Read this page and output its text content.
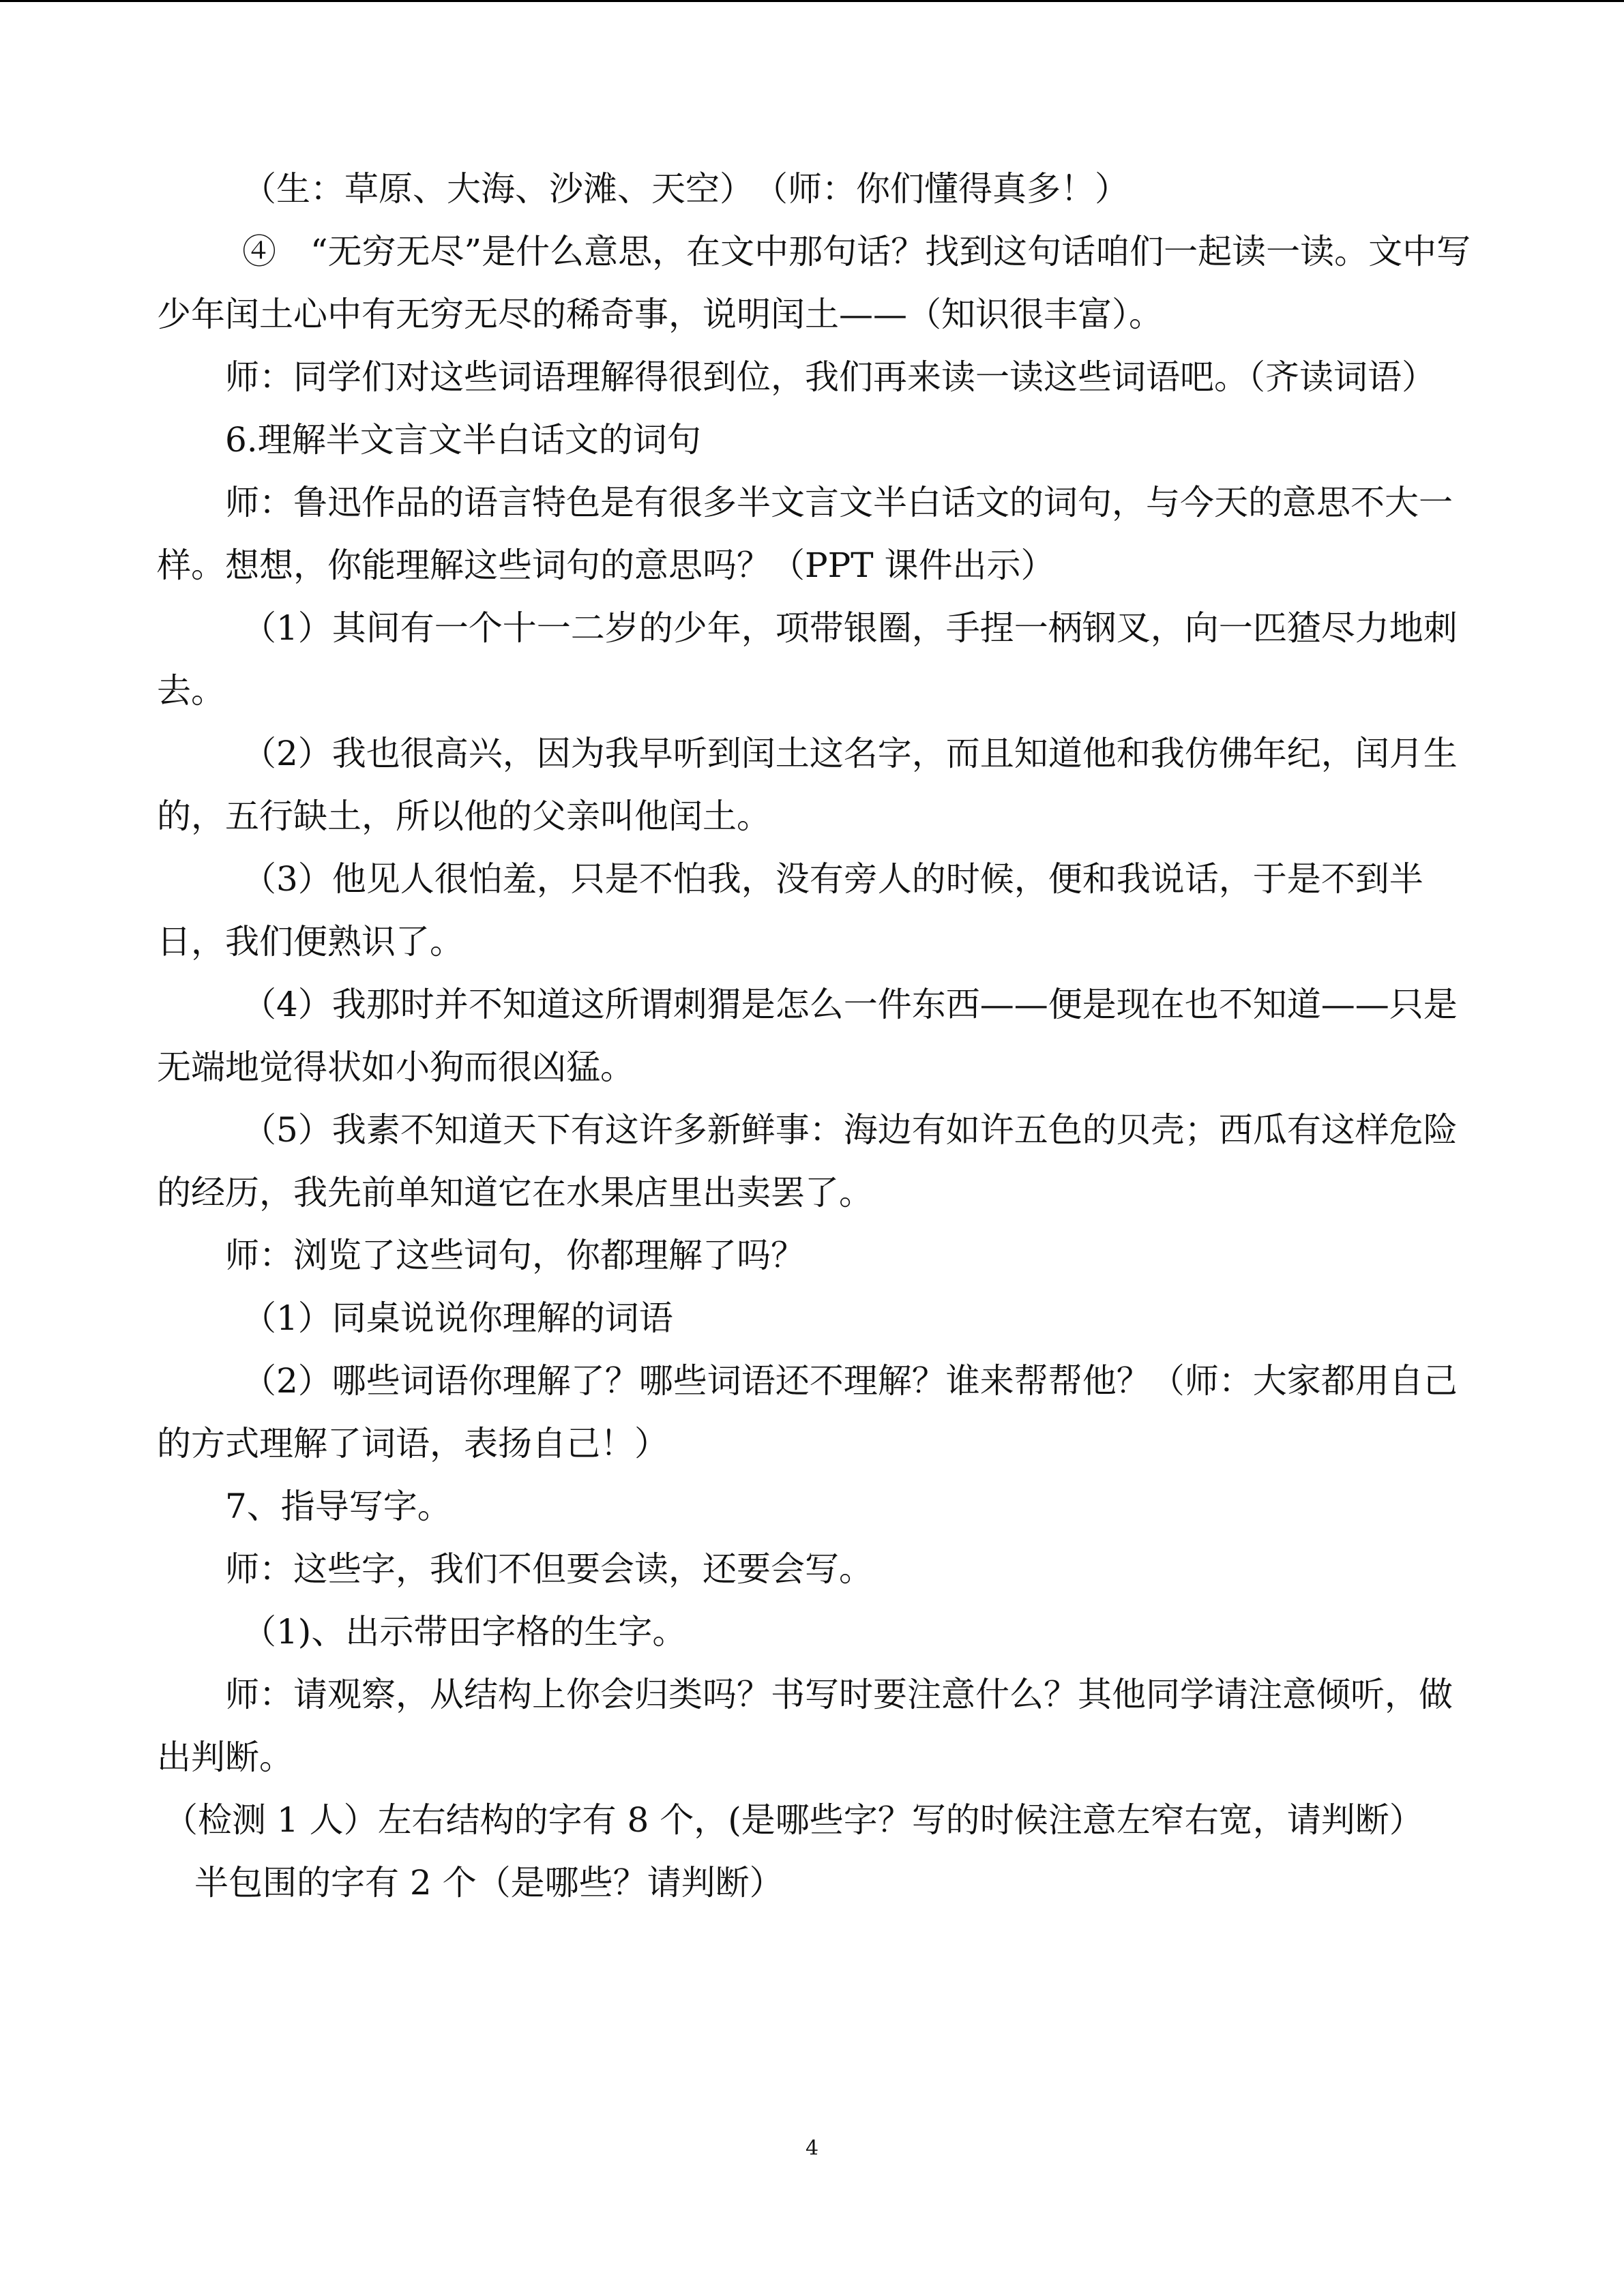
（生：草原、大海、沙滩、天空）　（师：你们懂得真多！）

④　“无穷无尽”是什么意思，在文中那句话？找到这句话咱们一起读一读。文中写少年闰土心中有无穷无尽的稀奇事，说明闰土——（知识很丰富）。

师：同学们对这些词语理解得很到位，我们再来读一读这些词语吧。（齐读词语）

6.理解半文言文半白话文的词句

师：鲁迅作品的语言特色是有很多半文言文半白话文的词句，与今天的意思不大一样。想想，你能理解这些词句的意思吗？（PPT 课件出示）

（1）其间有一个十一二岁的少年，项带银圈，手捏一柄钢叉，向一匹猹尽力地刺去。

（2）我也很高兴，因为我早听到闰土这名字，而且知道他和我仿佛年纪，闰月生的，五行缺土，所以他的父亲叫他闰土。

（3）他见人很怕羞，只是不怕我，没有旁人的时候，便和我说话，于是不到半日，我们便熟识了。

（4）我那时并不知道这所谓刺猬是怎么一件东西——便是现在也不知道——只是无端地觉得状如小狗而很凶猛。

（5）我素不知道天下有这许多新鲜事：海边有如许五色的贝壳；西瓜有这样危险的经历，我先前单知道它在水果店里出卖罢了。

师：浏览了这些词句，你都理解了吗？

（1）同桌说说你理解的词语

（2）哪些词语你理解了？哪些词语还不理解？谁来帮帮他？（师：大家都用自己的方式理解了词语，表扬自己！）

7、指导写字。

师：这些字，我们不但要会读，还要会写。

（1)、出示带田字格的生字。

师：请观察，从结构上你会归类吗？书写时要注意什么？其他同学请注意倾听，做出判断。

（检测 1 人）左右结构的字有 8 个，(是哪些字？写的时候注意左窄右宽，请判断）

半包围的字有 2 个（是哪些？请判断）

4
